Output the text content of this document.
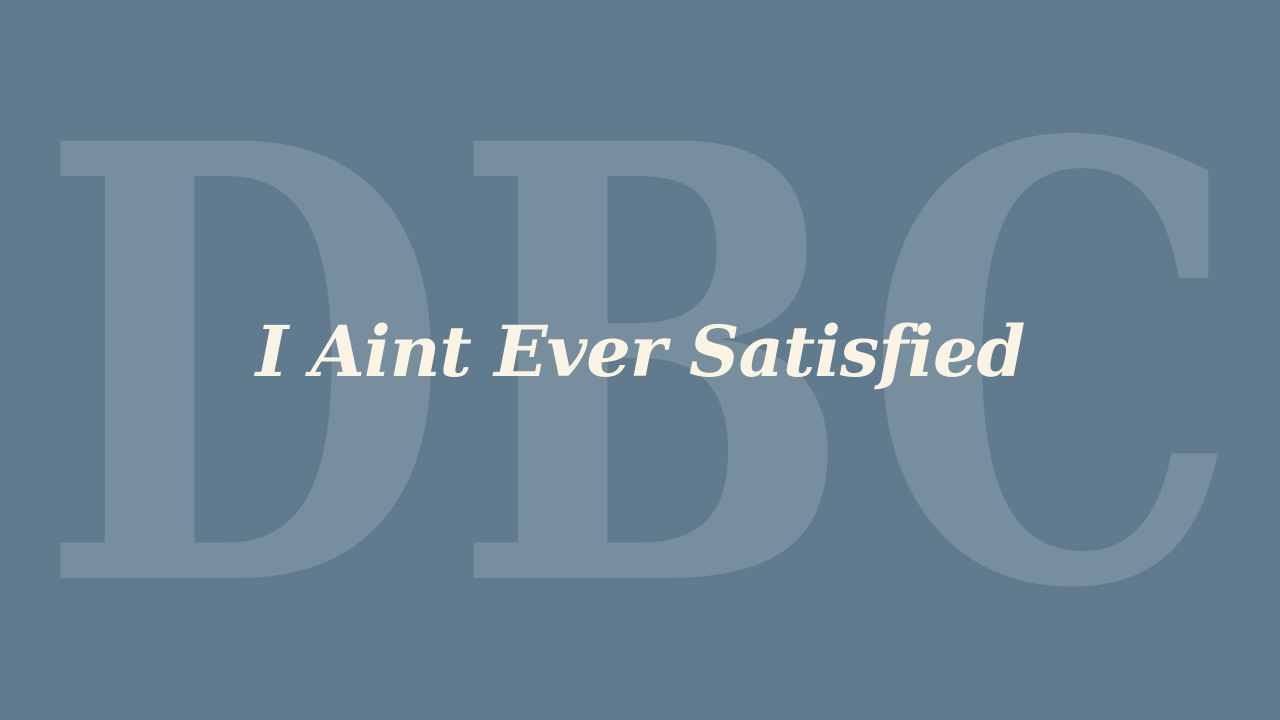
DBC
I Aint Ever Satisfied
